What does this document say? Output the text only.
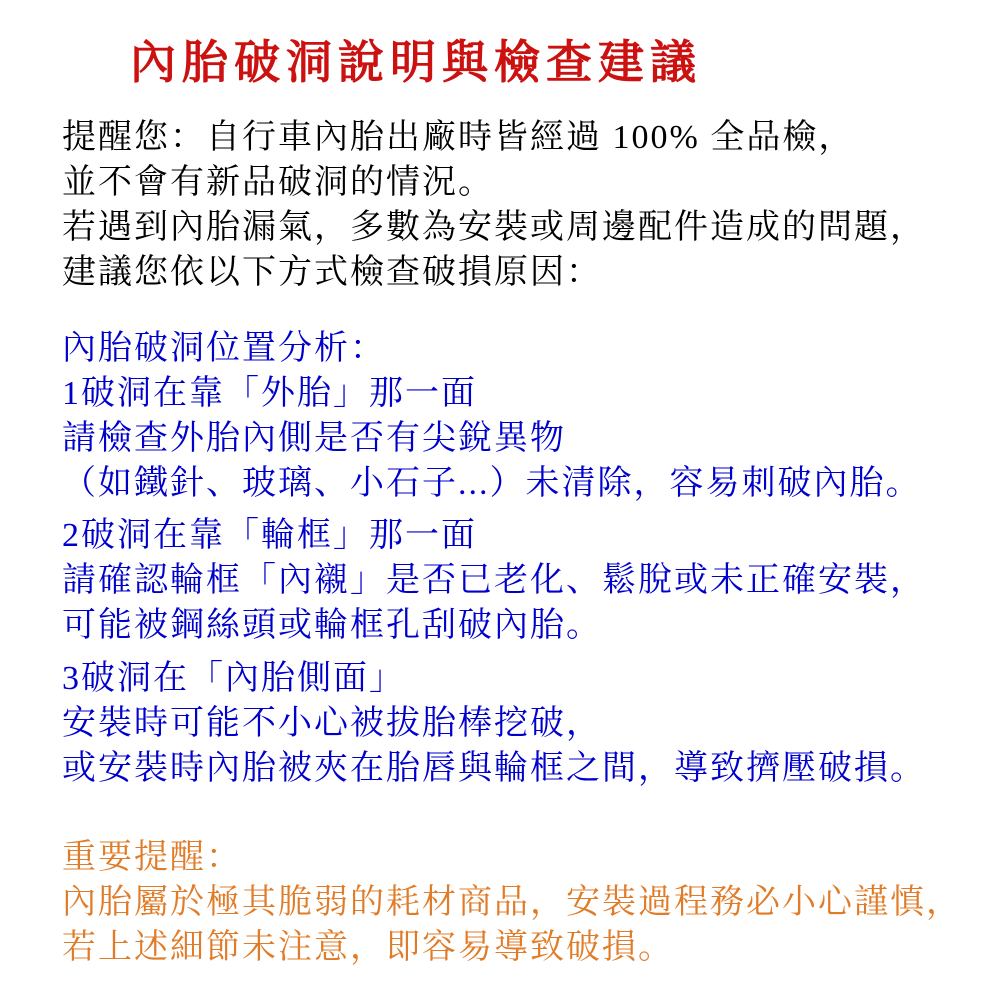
內胎破洞說明與檢查建議
提醒您：自行車內胎出廠時皆經過 100% 全品檢，
並不會有新品破洞的情況。
若遇到內胎漏氣，多數為安裝或周邊配件造成的問題，
建議您依以下方式檢查破損原因：
內胎破洞位置分析：
1破洞在靠「外胎」那一面
請檢查外胎內側是否有尖銳異物
（如鐵針、玻璃、小石子...）未清除，容易刺破內胎。
2破洞在靠「輪框」那一面
請確認輪框「內襯」是否已老化、鬆脫或未正確安裝，
可能被鋼絲頭或輪框孔刮破內胎。
3破洞在「內胎側面」
安裝時可能不小心被拔胎棒挖破，
或安裝時內胎被夾在胎唇與輪框之間，導致擠壓破損。
重要提醒：
內胎屬於極其脆弱的耗材商品，安裝過程務必小心謹慎，
若上述細節未注意，即容易導致破損。
